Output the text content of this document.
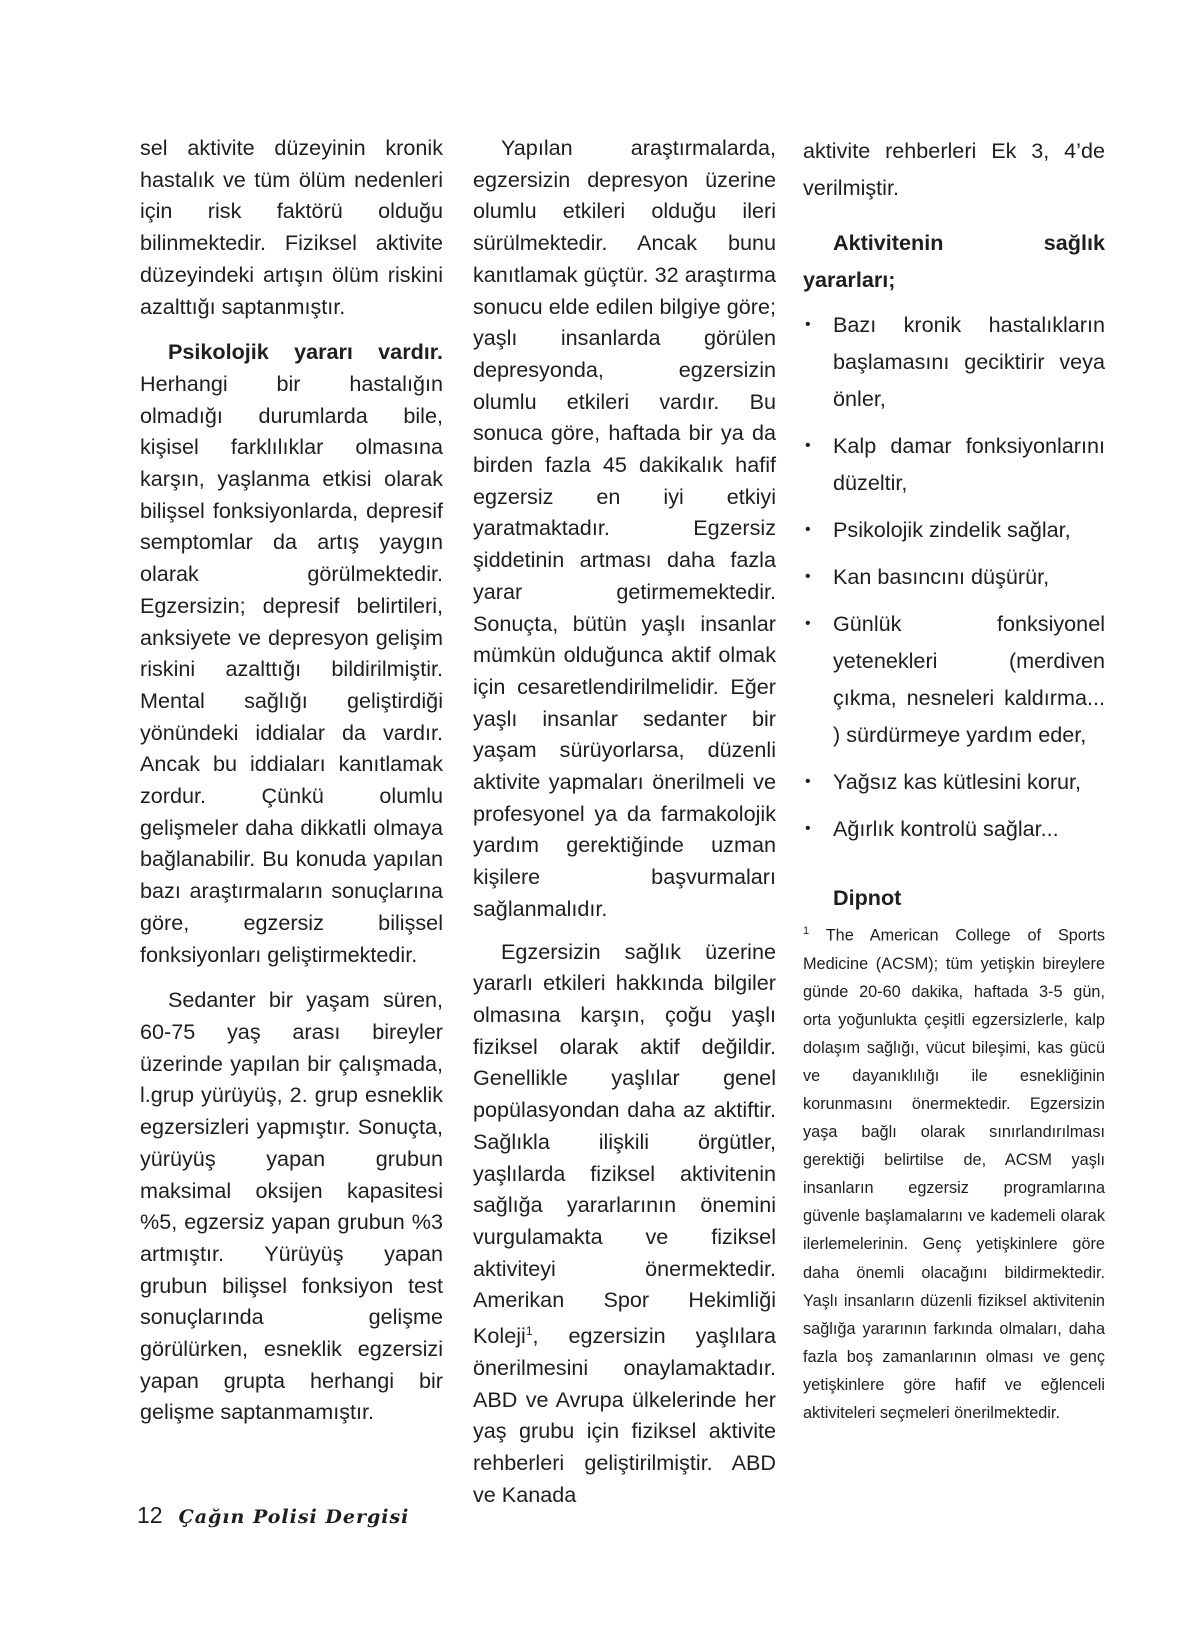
sel aktivite düzeyinin kronik hastalık ve tüm ölüm nedenleri için risk faktörü olduğu bilinmektedir. Fiziksel aktivite düzeyindeki artışın ölüm riskini azalttığı saptanmıştır.

Psikolojik yararı vardır. Herhangi bir hastalığın olmadığı durumlarda bile, kişisel farklılıklar olmasına karşın, yaşlanma etkisi olarak bilişsel fonksiyonlarda, depresif semptomlar da artış yaygın olarak görülmektedir. Egzersizin; depresif belirtileri, anksiyete ve depresyon gelişim riskini azalttığı bildirilmiştir. Mental sağlığı geliştirdiği yönündeki iddialar da vardır. Ancak bu iddiaları kanıtlamak zordur. Çünkü olumlu gelişmeler daha dikkatli olmaya bağlanabilir. Bu konuda yapılan bazı araştırmaların sonuçlarına göre, egzersiz bilişsel fonksiyonları geliştirmektedir.

Sedanter bir yaşam süren, 60-75 yaş arası bireyler üzerinde yapılan bir çalışmada, l.grup yürüyüş, 2. grup esneklik egzersizleri yapmıştır. Sonuçta, yürüyüş yapan grubun maksimal oksijen kapasitesi %5, egzersiz yapan grubun %3 artmıştır. Yürüyüş yapan grubun bilişsel fonksiyon test sonuçlarında gelişme görülürken, esneklik egzersizi yapan grupta herhangi bir gelişme saptanmamıştır.

Yapılan araştırmalarda, egzersizin depresyon üzerine olumlu etkileri olduğu ileri sürülmektedir. Ancak bunu kanıtlamak güçtür. 32 araştırma sonucu elde edilen bilgiye göre; yaşlı insanlarda görülen depresyonda, egzersizin olumlu etkileri vardır. Bu sonuca göre, haftada bir ya da birden fazla 45 dakikalık hafif egzersiz en iyi etkiyi yaratmaktadır. Egzersiz şiddetinin artması daha fazla yarar getirmemektedir. Sonuçta, bütün yaşlı insanlar mümkün olduğunca aktif olmak için cesaretlendirilmelidir. Eğer yaşlı insanlar sedanter bir yaşam sürüyorlarsa, düzenli aktivite yapmaları önerilmeli ve profesyonel ya da farmakolojik yardım gerektiğinde uzman kişilere başvurmaları sağlanmalıdır.

Egzersizin sağlık üzerine yararlı etkileri hakkında bilgiler olmasına karşın, çoğu yaşlı fiziksel olarak aktif değildir. Genellikle yaşlılar genel popülasyondan daha az aktiftir. Sağlıkla ilişkili örgütler, yaşlılarda fiziksel aktivitenin sağlığa yararlarının önemini vurgulamakta ve fiziksel aktiviteyi önermektedir. Amerikan Spor Hekimliği Koleji$^1$, egzersizin yaşlılara önerilmesini onaylamaktadır. ABD ve Avrupa ülkelerinde her yaş grubu için fiziksel aktivite rehberleri geliştirilmiştir. ABD ve Kanada

aktivite rehberleri Ek 3, 4’de verilmiştir.

Aktivitenin sağlık yararları;

• Bazı kronik hastalıkların başlamasını geciktirir veya önler,
• Kalp damar fonksiyonlarını düzeltir,
• Psikolojik zindelik sağlar,
• Kan basıncını düşürür,
• Günlük fonksiyonel yetenekleri (merdiven çıkma, nesneleri kaldırma... ) sürdürmeye yardım eder,
• Yağsız kas kütlesini korur,
• Ağırlık kontrolü sağlar...

Dipnot

$^1$ The American College of Sports Medicine (ACSM); tüm yetişkin bireylere günde 20-60 dakika, haftada 3-5 gün, orta yoğunlukta çeşitli egzersizlerle, kalp dolaşım sağlığı, vücut bileşimi, kas gücü ve dayanıklılığı ile esnekliğinin korunmasını önermektedir. Egzersizin yaşa bağlı olarak sınırlandırılması gerektiği belirtilse de, ACSM yaşlı insanların egzersiz programlarına güvenle başlamalarını ve kademeli olarak ilerlemelerinin. Genç yetişkinlere göre daha önemli olacağını bildirmektedir. Yaşlı insanların düzenli fiziksel aktivitenin sağlığa yararının farkında olmaları, daha fazla boş zamanlarının olması ve genç yetişkinlere göre hafif ve eğlenceli aktiviteleri seçmeleri önerilmektedir.

12 Çağın Polisi Dergisi
